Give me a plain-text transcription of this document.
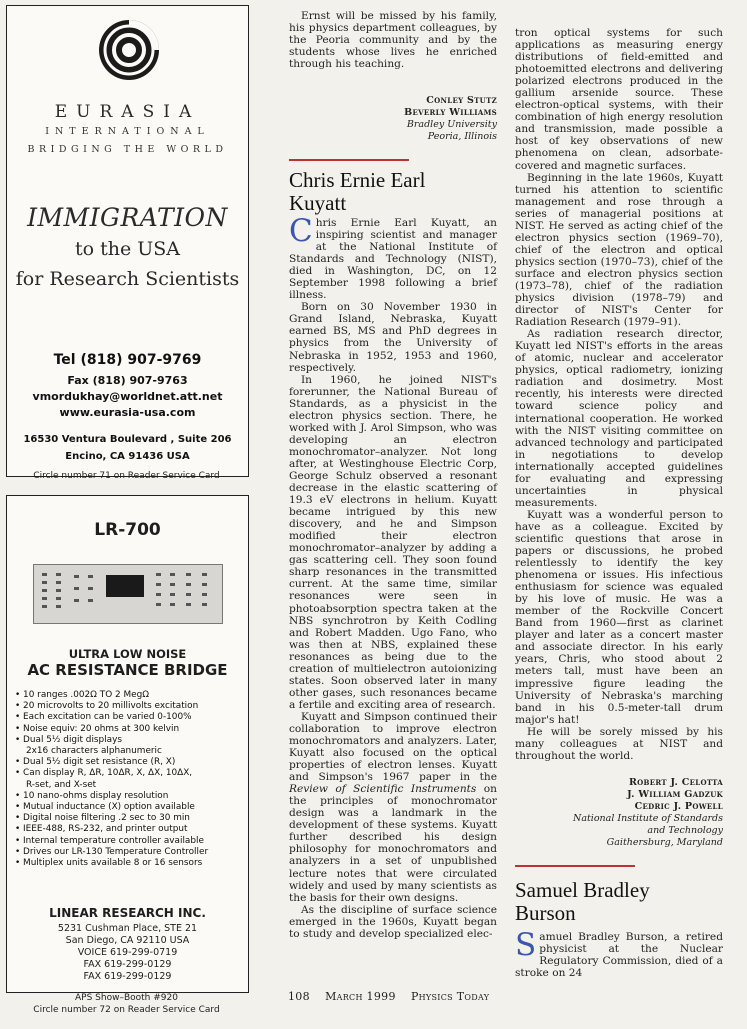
EURASIA
INTERNATIONAL
BRIDGING THE WORLD
IMMIGRATION
to the USA
for Research Scientists
Tel (818) 907-9769
Fax (818) 907-9763
vmordukhay@worldnet.att.net
www.eurasia-usa.com
16530 Ventura Boulevard , Suite 206
Encino, CA 91436 USA
Circle number 71 on Reader Service Card
LR-700
ULTRA LOW NOISE
AC RESISTANCE BRIDGE
• 10 ranges .002Ω TO 2 MegΩ
• 20 microvolts to 20 millivolts excitation
• Each excitation can be varied 0-100%
• Noise equiv: 20 ohms at 300 kelvin
• Dual 5½ digit displays
2x16 characters alphanumeric
• Dual 5½ digit set resistance (R, X)
• Can display R, ΔR, 10ΔR, X, ΔX, 10ΔX,
R-set, and X-set
• 10 nano-ohms display resolution
• Mutual inductance (X) option available
• Digital noise filtering .2 sec to 30 min
• IEEE-488, RS-232, and printer output
• Internal temperature controller available
• Drives our LR-130 Temperature Controller
• Multiplex units available 8 or 16 sensors
LINEAR RESEARCH INC.
5231 Cushman Place, STE 21
San Diego, CA 92110 USA
VOICE 619-299-0719
FAX 619-299-0129
FAX 619-299-0129
APS Show–Booth #920
Circle number 72 on Reader Service Card

Ernst will be missed by his family, his physics department colleagues, by the Peoria community and by the students whose lives he enriched through his teaching.

Conley Stutz
Beverly Williams
Bradley University
Peoria, Illinois
Chris Ernie Earl
Kuyatt

Chris Ernie Earl Kuyatt, an inspiring scientist and manager at the National Institute of Standards and Technology (NIST), died in Washington, DC, on 12 September 1998 following a brief illness.

Born on 30 November 1930 in Grand Island, Nebraska, Kuyatt earned BS, MS and PhD degrees in physics from the University of Nebraska in 1952, 1953 and 1960, respectively.

In 1960, he joined NIST's forerunner, the National Bureau of Standards, as a physicist in the electron physics section. There, he worked with J. Arol Simpson, who was developing an electron monochromator–analyzer. Not long after, at Westinghouse Electric Corp, George Schulz observed a resonant decrease in the elastic scattering of 19.3 eV electrons in helium. Kuyatt became intrigued by this new discovery, and he and Simpson modified their electron monochromator–analyzer by adding a gas scattering cell. They soon found sharp resonances in the transmitted current. At the same time, similar resonances were seen in photoabsorption spectra taken at the NBS synchrotron by Keith Codling and Robert Madden. Ugo Fano, who was then at NBS, explained these resonances as being due to the creation of multielectron autoionizing states. Soon observed later in many other gases, such resonances became a fertile and exciting area of research.

Kuyatt and Simpson continued their collaboration to improve electron monochromators and analyzers. Later, Kuyatt also focused on the optical properties of electron lenses. Kuyatt and Simpson's 1967 paper in the Review of Scientific Instruments on the principles of monochromator design was a landmark in the development of these systems. Kuyatt further described his design philosophy for monochromators and analyzers in a set of unpublished lecture notes that were circulated widely and used by many scientists as the basis for their own designs.

As the discipline of surface science emerged in the 1960s, Kuyatt began to study and develop specialized elec-

tron optical systems for such applications as measuring energy distributions of field-emitted and photoemitted electrons and delivering polarized electrons produced in the gallium arsenide source. These electron-optical systems, with their combination of high energy resolution and transmission, made possible a host of key observations of new phenomena on clean, adsorbate-covered and magnetic surfaces.

Beginning in the late 1960s, Kuyatt turned his attention to scientific management and rose through a series of managerial positions at NIST. He served as acting chief of the electron physics section (1969–70), chief of the electron and optical physics section (1970–73), chief of the surface and electron physics section (1973–78), chief of the radiation physics division (1978–79) and director of NIST's Center for Radiation Research (1979–91).

As radiation research director, Kuyatt led NIST's efforts in the areas of atomic, nuclear and accelerator physics, optical radiometry, ionizing radiation and dosimetry. Most recently, his interests were directed toward science policy and international cooperation. He worked with the NIST visiting committee on advanced technology and participated in negotiations to develop internationally accepted guidelines for evaluating and expressing uncertainties in physical measurements.

Kuyatt was a wonderful person to have as a colleague. Excited by scientific questions that arose in papers or discussions, he probed relentlessly to identify the key phenomena or issues. His infectious enthusiasm for science was equaled by his love of music. He was a member of the Rockville Concert Band from 1960—first as clarinet player and later as a concert master and associate director. In his early years, Chris, who stood about 2 meters tall, must have been an impressive figure leading the University of Nebraska's marching band in his 0.5-meter-tall drum major's hat!

He will be sorely missed by his many colleagues at NIST and throughout the world.

Robert J. Celotta
J. William Gadzuk
Cedric J. Powell
National Institute of Standards
and Technology
Gaithersburg, Maryland
Samuel Bradley
Burson

Samuel Bradley Burson, a retired physicist at the Nuclear Regulatory Commission, died of a stroke on 24

108 March 1999 Physics Today
